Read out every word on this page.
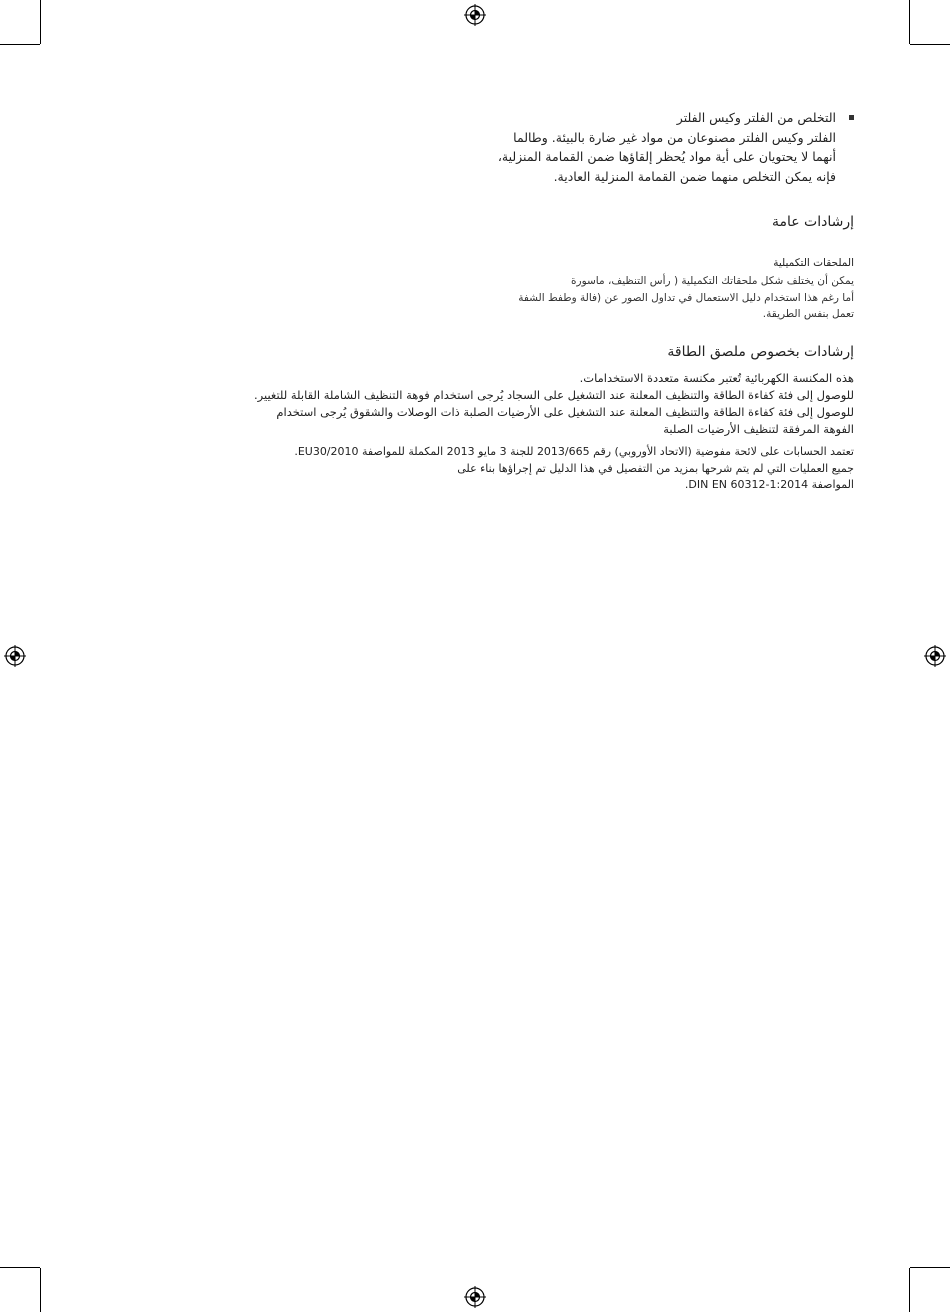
التخلص من الفلتر وكيس الفلتر
الفلتر وكيس الفلتر مصنوعان من مواد غير ضارة بالبيئة. وطالما
أنهما لا يحتويان على أية مواد يُحظر إلقاؤها ضمن القمامة المنزلية،
فإنه يمكن التخلص منهما ضمن القمامة المنزلية العادية.
إرشادات عامة
الملحقات التكميلية
يمكن أن يختلف شكل ملحقاتك التكميلية ( رأس التنظيف، ماسورة
أما رغم هذا استخدام دليل الاستعمال في تداول الصور عن (فالة وطفط الشفة
تعمل بنفس الطريقة.
إرشادات بخصوص ملصق الطاقة
هذه المكنسة الكهربائية تُعتبر مكنسة متعددة الاستخدامات.
للوصول إلى فئة كفاءة الطاقة والتنظيف المعلنة عند التشغيل على السجاد يُرجى استخدام فوهة التنظيف الشاملة القابلة للتغيير.
للوصول إلى فئة كفاءة الطاقة والتنظيف المعلنة عند التشغيل على الأرضيات الصلبة ذات الوصلات والشقوق يُرجى استخدام
الفوهة المرفقة لتنظيف الأرضيات الصلبة
تعتمد الحسابات على لائحة مفوضية (الاتحاد الأوروبي) رقم 2013/665 للجنة 3 مايو 2013 المكملة للمواصفة EU30/2010.
جميع العمليات التي لم يتم شرحها بمزيد من التفصيل في هذا الدليل تم إجراؤها بناء على
المواصفة DIN EN 60312-1:2014.
